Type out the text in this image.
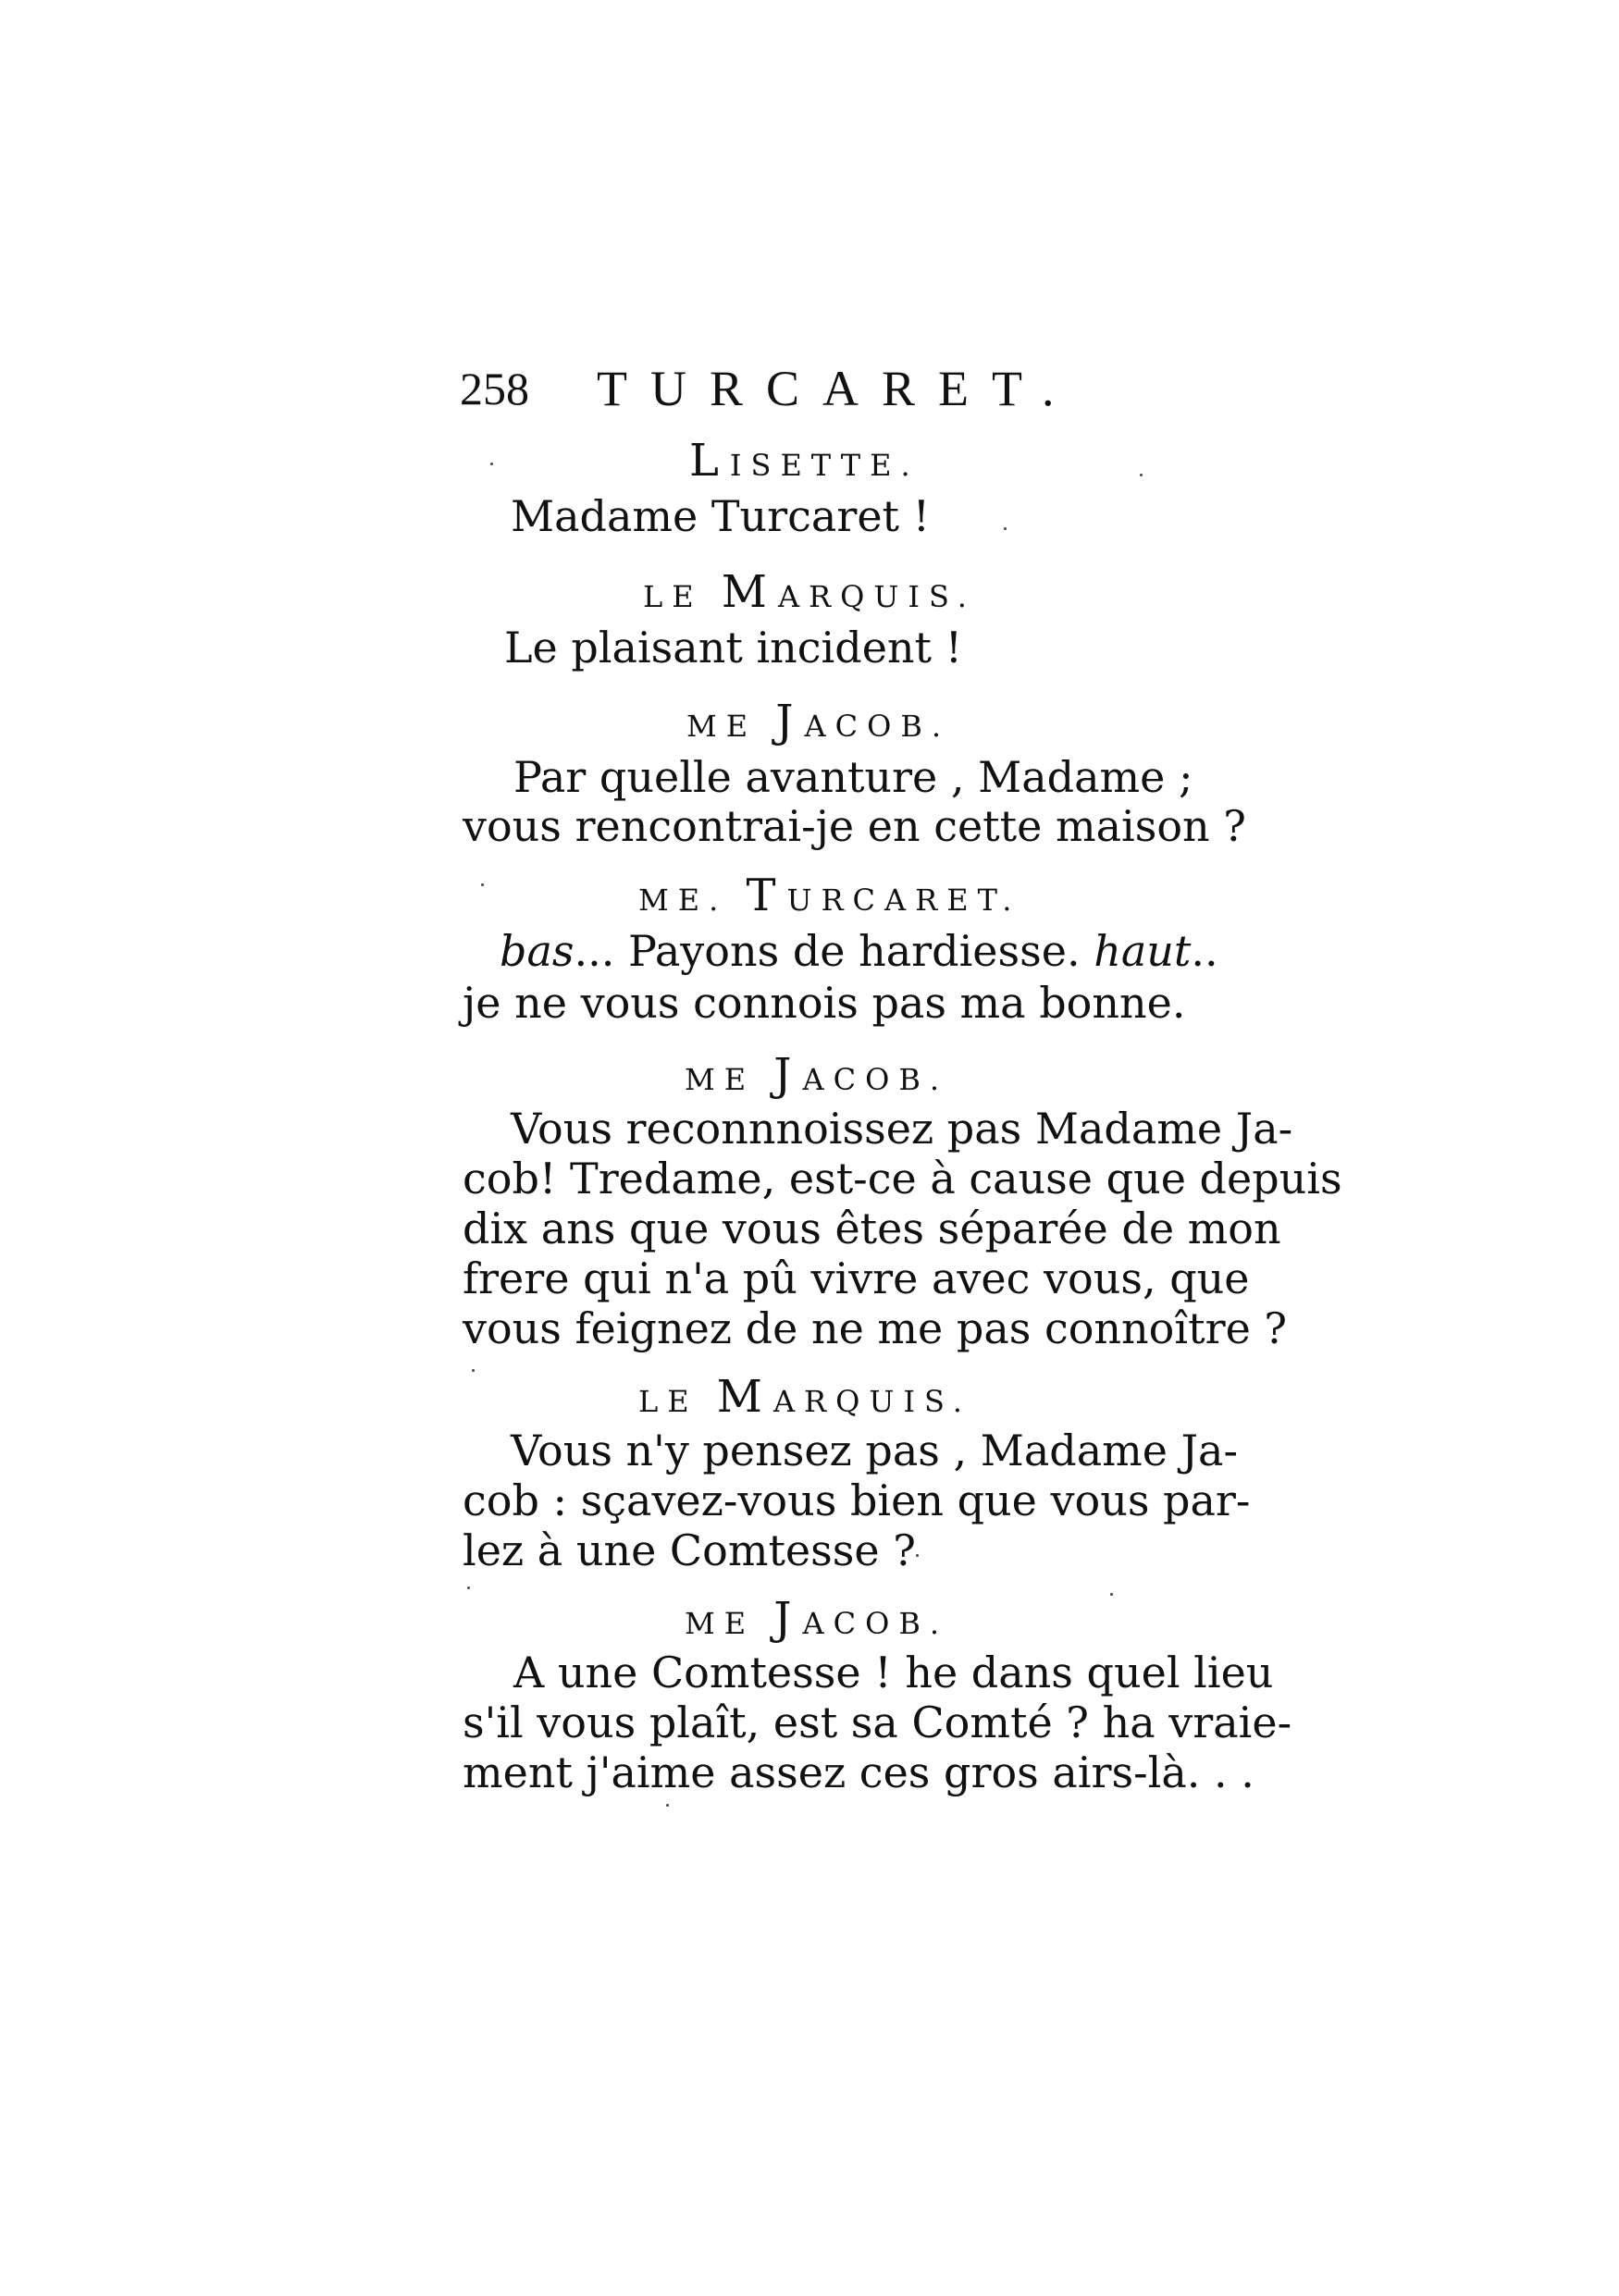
258 TURCARET.
LISETTE.
Madame Turcaret !
LE MARQUIS.
Le plaisant incident !
ME JACOB.
Par quelle avanture , Madame ;
vous rencontrai-je en cette maison ?
ME. TURCARET.
bas... Payons de hardiesse. haut..
je ne vous connois pas ma bonne.
ME JACOB.
Vous reconnnoissez pas Madame Ja-
cob! Tredame, est-ce à cause que depuis
dix ans que vous êtes séparée de mon
frere qui n'a pû vivre avec vous, que
vous feignez de ne me pas connoître ?
LE MARQUIS.
Vous n'y pensez pas , Madame Ja-
cob : sçavez-vous bien que vous par-
lez à une Comtesse ?
ME JACOB.
A une Comtesse ! he dans quel lieu
s'il vous plaît, est sa Comté ? ha vraie-
ment j'aime assez ces gros airs-là. . .
